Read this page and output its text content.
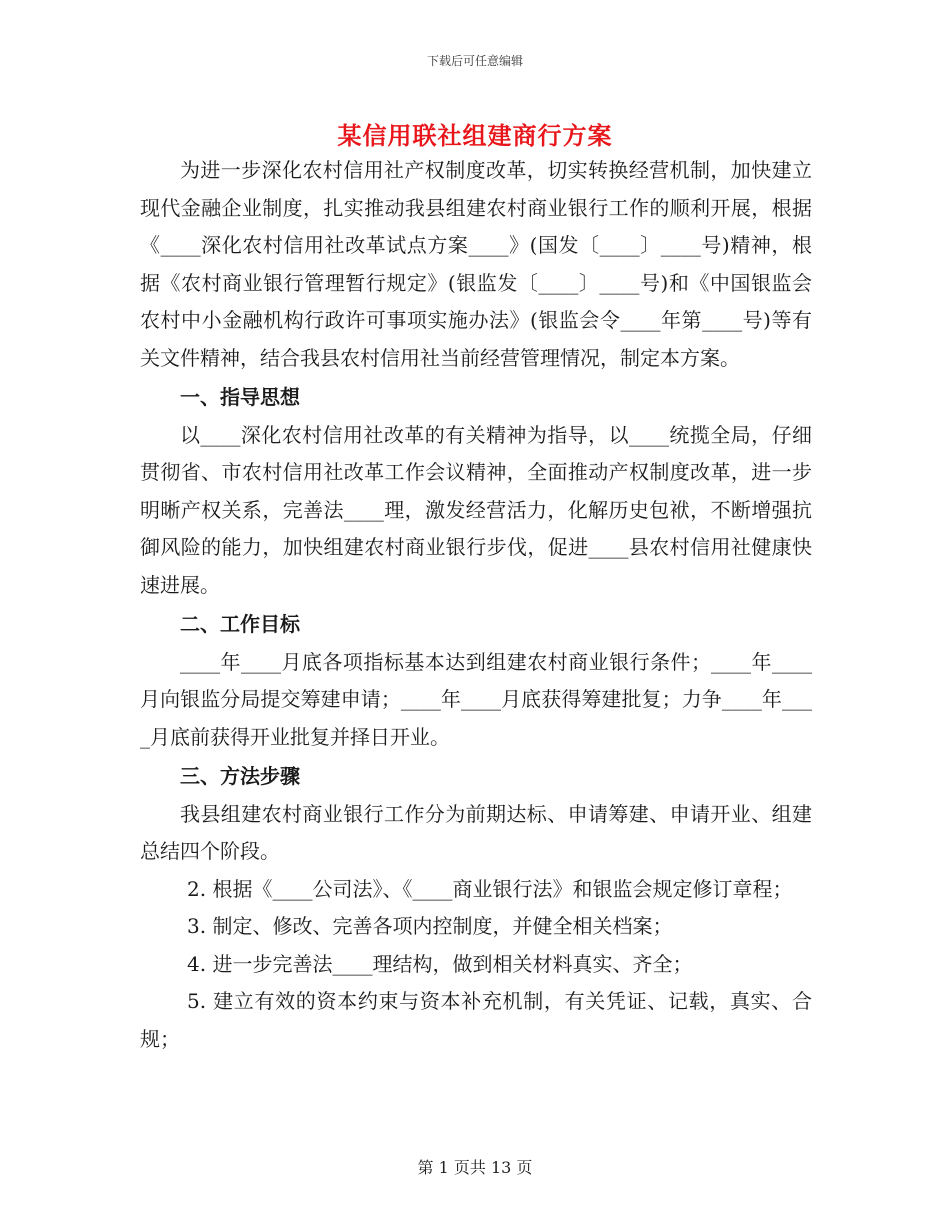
下载后可任意编辑
某信用联社组建商行方案

为进一步深化农村信用社产权制度改革，切实转换经营机制，加快建立现代金融企业制度，扎实推动我县组建农村商业银行工作的顺利开展，根据《____深化农村信用社改革试点方案____》(国发〔____〕____号)精神，根据《农村商业银行管理暂行规定》(银监发〔____〕____号)和《中国银监会农村中小金融机构行政许可事项实施办法》(银监会令____年第____号)等有关文件精神，结合我县农村信用社当前经营管理情况，制定本方案。

一、指导思想

以____深化农村信用社改革的有关精神为指导，以____统揽全局，仔细贯彻省、市农村信用社改革工作会议精神，全面推动产权制度改革，进一步明晰产权关系，完善法____理，激发经营活力，化解历史包袱，不断增强抗御风险的能力，加快组建农村商业银行步伐，促进____县农村信用社健康快速进展。

二、工作目标

____年____月底各项指标基本达到组建农村商业银行条件；____年____月向银监分局提交筹建申请；____年____月底获得筹建批复；力争____年____月底前获得开业批复并择日开业。

三、方法步骤

我县组建农村商业银行工作分为前期达标、申请筹建、申请开业、组建总结四个阶段。

2. 根据《____公司法》、《____商业银行法》和银监会规定修订章程；

3. 制定、修改、完善各项内控制度，并健全相关档案；

4. 进一步完善法____理结构，做到相关材料真实、齐全；

5. 建立有效的资本约束与资本补充机制，有关凭证、记载，真实、合规；

第 1 页共 13 页
